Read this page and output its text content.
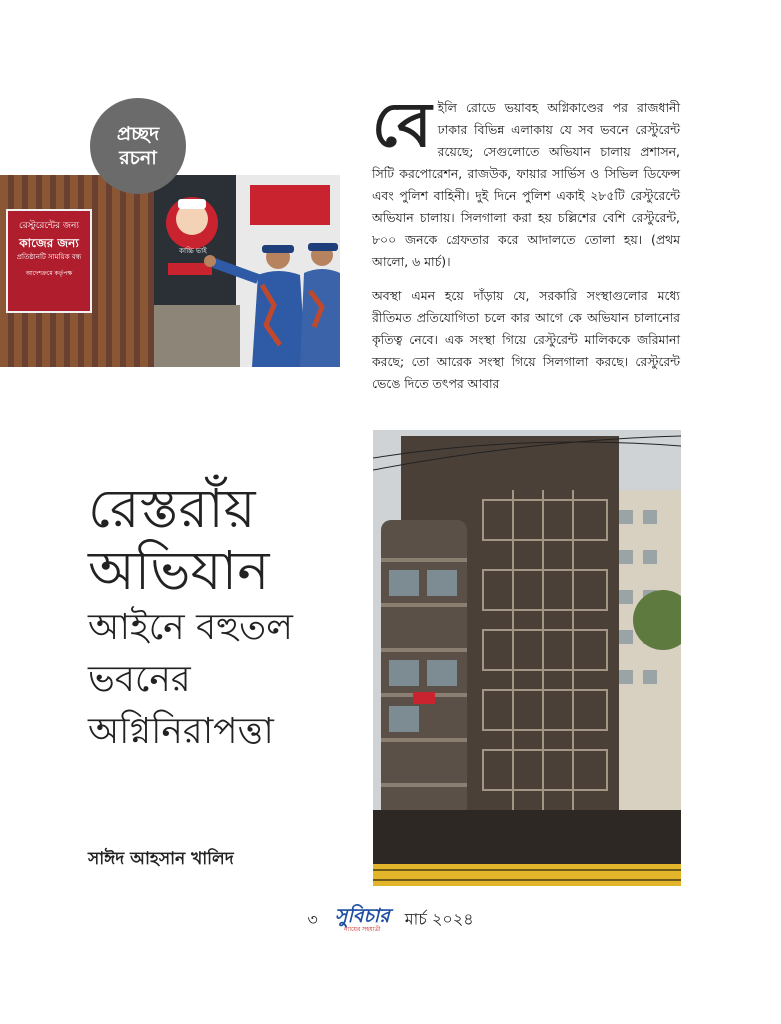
প্রচ্ছদ
রচনা
রেস্টুরেন্টের জন্য
কাজের জন্য
প্রতিষ্ঠানটি সাময়িক বন্ধ
আদেশক্রমে কর্তৃপক্ষ
কাচ্চি ভাই

বে ইলি রোডে ভয়াবহ অগ্নিকাণ্ডের পর রাজধানী ঢাকার বিভিন্ন এলাকায় যে সব ভবনে রেস্টুরেন্ট রয়েছে; সেগুলোতে অভিযান চালায় প্রশাসন, সিটি করপোরেশন, রাজউক, ফায়ার সার্ভিস ও সিভিল ডিফেন্স এবং পুলিশ বাহিনী। দুই দিনে পুলিশ একাই ২৮৫টি রেস্টুরেন্টে অভিযান চালায়। সিলগালা করা হয় চল্লিশের বেশি রেস্টুরেন্ট, ৮০০ জনকে গ্রেফতার করে আদালতে তোলা হয়। (প্রথম আলো, ৬ মার্চ)।

অবস্থা এমন হয়ে দাঁড়ায় যে, সরকারি সংস্থাগুলোর মধ্যে রীতিমত প্রতিযোগিতা চলে কার আগে কে অভিযান চালানোর কৃতিত্ব নেবে। এক সংস্থা গিয়ে রেস্টুরেন্ট মালিককে জরিমানা করছে; তো আরেক সংস্থা গিয়ে সিলগালা করছে। রেস্টুরেন্ট ভেঙে দিতে তৎপর আবার

রেস্তরাঁয়
অভিযান
আইনে বহুতল
ভবনের
অগ্নিনিরাপত্তা
সাঈদ আহসান খালিদ
৩ সুবিচার
ন্যায়ের সহযাত্রী
মার্চ ২০২৪
